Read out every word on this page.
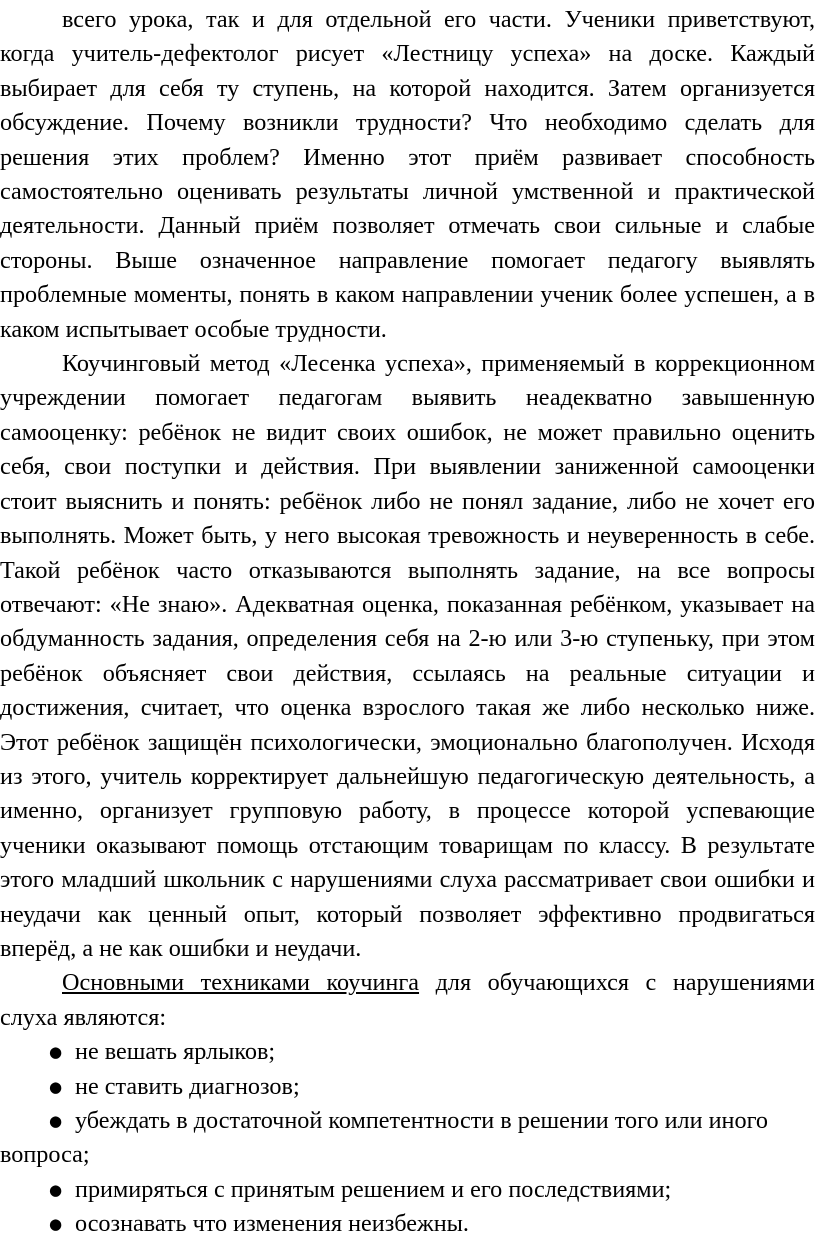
всего урока, так и для отдельной его части. Ученики приветствуют, когда учитель-дефектолог рисует «Лестницу успеха» на доске. Каждый выбирает для себя ту ступень, на которой находится. Затем организуется обсуждение. Почему возникли трудности? Что необходимо сделать для решения этих проблем? Именно этот приём развивает способность самостоятельно оценивать результаты личной умственной и практической деятельности. Данный приём позволяет отмечать свои сильные и слабые стороны. Выше означенное направление помогает педагогу выявлять проблемные моменты, понять в каком направлении ученик более успешен, а в каком испытывает особые трудности.

Коучинговый метод «Лесенка успеха», применяемый в коррекционном учреждении помогает педагогам выявить неадекватно завышенную самооценку: ребёнок не видит своих ошибок, не может правильно оценить себя, свои поступки и действия. При выявлении заниженной самооценки стоит выяснить и понять: ребёнок либо не понял задание, либо не хочет его выполнять. Может быть, у него высокая тревожность и неуверенность в себе. Такой ребёнок часто отказываются выполнять задание, на все вопросы отвечают: «Не знаю». Адекватная оценка, показанная ребёнком, указывает на обдуманность задания, определения себя на 2-ю или 3-ю ступеньку, при этом ребёнок объясняет свои действия, ссылаясь на реальные ситуации и достижения, считает, что оценка взрослого такая же либо несколько ниже. Этот ребёнок защищён психологически, эмоционально благополучен. Исходя из этого, учитель корректирует дальнейшую педагогическую деятельность, а именно, организует групповую работу, в процессе которой успевающие ученики оказывают помощь отстающим товарищам по классу. В результате этого младший школьник с нарушениями слуха рассматривает свои ошибки и неудачи как ценный опыт, который позволяет эффективно продвигаться вперёд, а не как ошибки и неудачи.

Основными техниками коучинга для обучающихся с нарушениями слуха являются:

● не вешать ярлыков;
● не ставить диагнозов;
● убеждать в достаточной компетентности в решении того или иного вопроса;
● примиряться с принятым решением и его последствиями;
● осознавать что изменения неизбежны.
